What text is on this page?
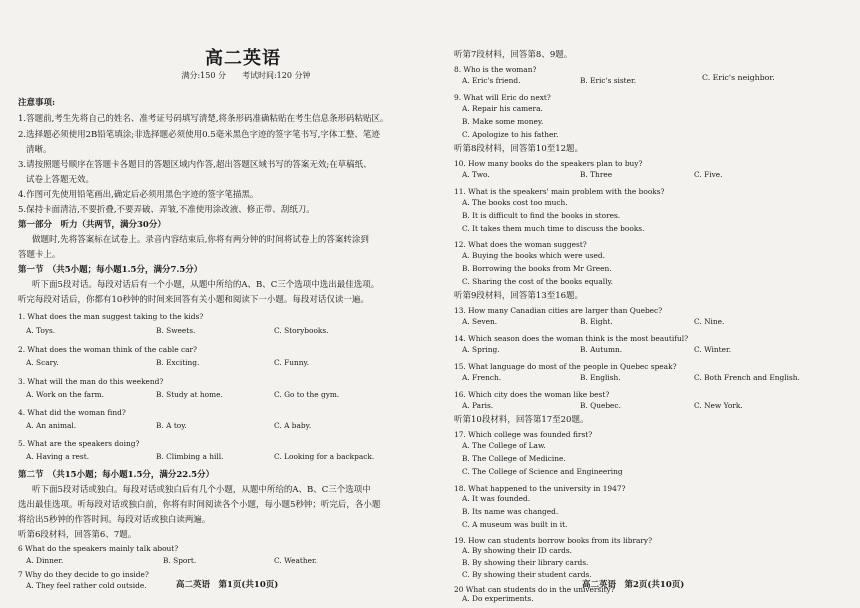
高二英语
满分:150 分　　考试时间:120 分钟
注意事项:
1.答题前,考生先将自己的姓名、准考证号码填写清楚,将条形码准确粘贴在考生信息条形码粘贴区。
2.选择题必须使用2B铅笔填涂;非选择题必须使用0.5毫米黑色字迹的签字笔书写,字体工整、笔迹
清晰。
3.请按照题号顺序在答题卡各题目的答题区域内作答,超出答题区域书写的答案无效;在草稿纸、
试卷上答题无效。
4.作图可先使用铅笔画出,确定后必须用黑色字迹的签字笔描黑。
5.保持卡面清洁,不要折叠,不要弄破、弄皱,不准使用涂改液、修正带、刮纸刀。
第一部分　听力（共两节，满分30分）
做题时,先将答案标在试卷上。录音内容结束后,你将有两分钟的时间将试卷上的答案转涂到
答题卡上。
第一节　（共5小题；每小题1.5分，满分7.5分）
听下面5段对话。每段对话后有一个小题，从题中所给的A、B、C三个选项中选出最佳选项。
听完每段对话后，你都有10秒钟的时间来回答有关小题和阅读下一小题。每段对话仅读一遍。
1. What does the man suggest taking to the kids?
A. Toys.	B. Sweets.	C. Storybooks.
2. What does the woman think of the cable car?
A. Scary.	B. Exciting.	C. Funny.
3. What will the man do this weekend?
A. Work on the farm.	B. Study at home.	C. Go to the gym.
4. What did the woman find?
A. An animal.	B. A toy.	C. A baby.
5. What are the speakers doing?
A. Having a rest.	B. Climbing a hill.	C. Looking for a backpack.
第二节　（共15小题；每小题1.5分，满分22.5分）
听下面5段对话或独白。每段对话或独白后有几个小题，从题中所给的A、B、C三个选项中
选出最佳选项。听每段对话或独白前，你将有时间阅读各个小题，每小题5秒钟；听完后，各小题
将给出5秒钟的作答时间。每段对话或独白读两遍。
听第6段材料，回答第6、7题。
6 What do the speakers mainly talk about?
A. Dinner.	B. Sport.	C. Weather.
听第7段材料，回答第8、9题。
8. Who is the woman?
A. Eric's friend.	B. Eric's sister.	C. Eric's neighbor.
9. What will Eric do next?
A. Repair his camera.
B. Make some money.
C. Apologize to his father.
听第8段材料，回答第10至12题。
10. How many books do the speakers plan to buy?
A. Two.	B. Three	C. Five.
11. What is the speakers' main problem with the books?
A. The books cost too much.
B. It is difficult to find the books in stores.
C. It takes them much time to discuss the books.
12. What does the woman suggest?
A. Buying the books which were used.
B. Borrowing the books from Mr Green.
C. Sharing the cost of the books equally.
听第9段材料，回答第13至16题。
13. How many Canadian cities are larger than Quebec?
A. Seven.	B. Eight.	C. Nine.
14. Which season does the woman think is the most beautiful?
A. Spring.	B. Autumn.	C. Winter.
15. What language do most of the people in Quebec speak?
A. French.	B. English.	C. Both French and English.
16. Which city does the woman like best?
A. Paris.	B. Quebec.	C. New York.
听第10段材料，回答第17至20题。
17. Which college was founded first?
A. The College of Law.
B. The College of Medicine.
C. The College of Science and Engineering
18. What happened to the university in 1947?
A. It was founded.
B. Its name was changed.
C. A museum was built in it.
19. How can students borrow books from its library?
A. By showing their ID cards.
B. By showing their library cards.
高二英语　第1页(共10页)	高二英语　第2页(共10页)
7 Why do they decide to go inside?
A. They feel rather cold outside.
C. By showing their student cards.
20 What can students do in the university?
A. Do experiments.
